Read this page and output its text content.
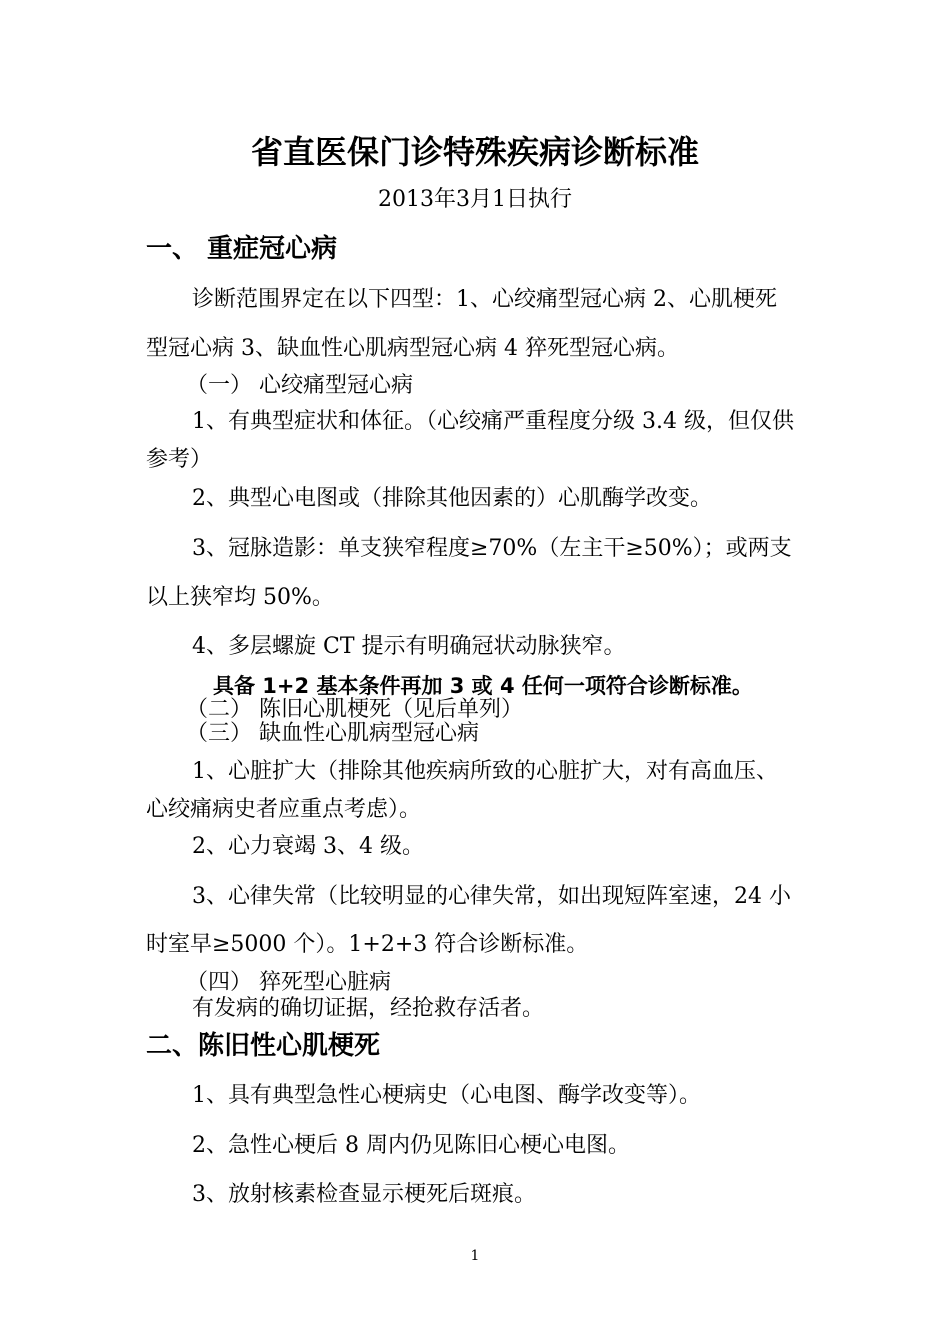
省直医保门诊特殊疾病诊断标准
2013年3月1日执行
一、 重症冠心病
诊断范围界定在以下四型：1、心绞痛型冠心病 2、心肌梗死
型冠心病 3、缺血性心肌病型冠心病 4 猝死型冠心病。
（一） 心绞痛型冠心病
1、有典型症状和体征。（心绞痛严重程度分级 3.4 级，但仅供
参考）
2、典型心电图或（排除其他因素的）心肌酶学改变。
3、冠脉造影：单支狭窄程度≥70%（左主干≥50%）；或两支
以上狭窄均 50%。
4、多层螺旋 CT 提示有明确冠状动脉狭窄。
具备 1+2 基本条件再加 3 或 4 任何一项符合诊断标准。
（二） 陈旧心肌梗死（见后单列）
（三） 缺血性心肌病型冠心病
1、心脏扩大（排除其他疾病所致的心脏扩大，对有高血压、
心绞痛病史者应重点考虑）。
2、心力衰竭 3、4 级。
3、心律失常（比较明显的心律失常，如出现短阵室速，24 小
时室早≥5000 个）。1+2+3 符合诊断标准。
（四） 猝死型心脏病
有发病的确切证据，经抢救存活者。
二、陈旧性心肌梗死
1、具有典型急性心梗病史（心电图、酶学改变等）。
2、急性心梗后 8 周内仍见陈旧心梗心电图。
3、放射核素检查显示梗死后斑痕。
1
